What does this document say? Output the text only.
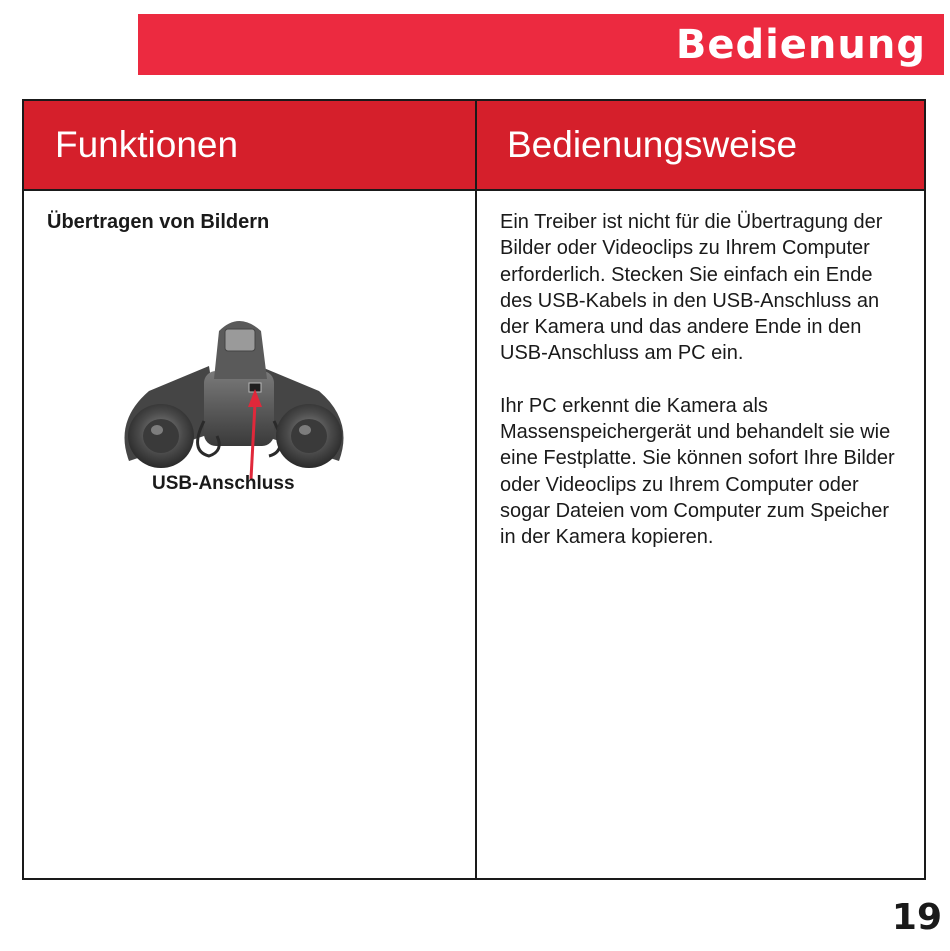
Bedienung
Funktionen	Bedienungsweise
Übertragen von Bildern
USB-Anschluss

Ein Treiber ist nicht für die Übertragung der Bilder oder Videoclips zu Ihrem Computer erforderlich. Stecken Sie einfach ein Ende des USB-Kabels in den USB-Anschluss an der Kamera und das andere Ende in den USB-Anschluss am PC ein.

Ihr PC erkennt die Kamera als Massenspeichergerät und behandelt sie wie eine Festplatte. Sie können sofort Ihre Bilder oder Videoclips zu Ihrem Computer oder sogar Dateien vom Computer zum Speicher in der Kamera kopieren.

19
